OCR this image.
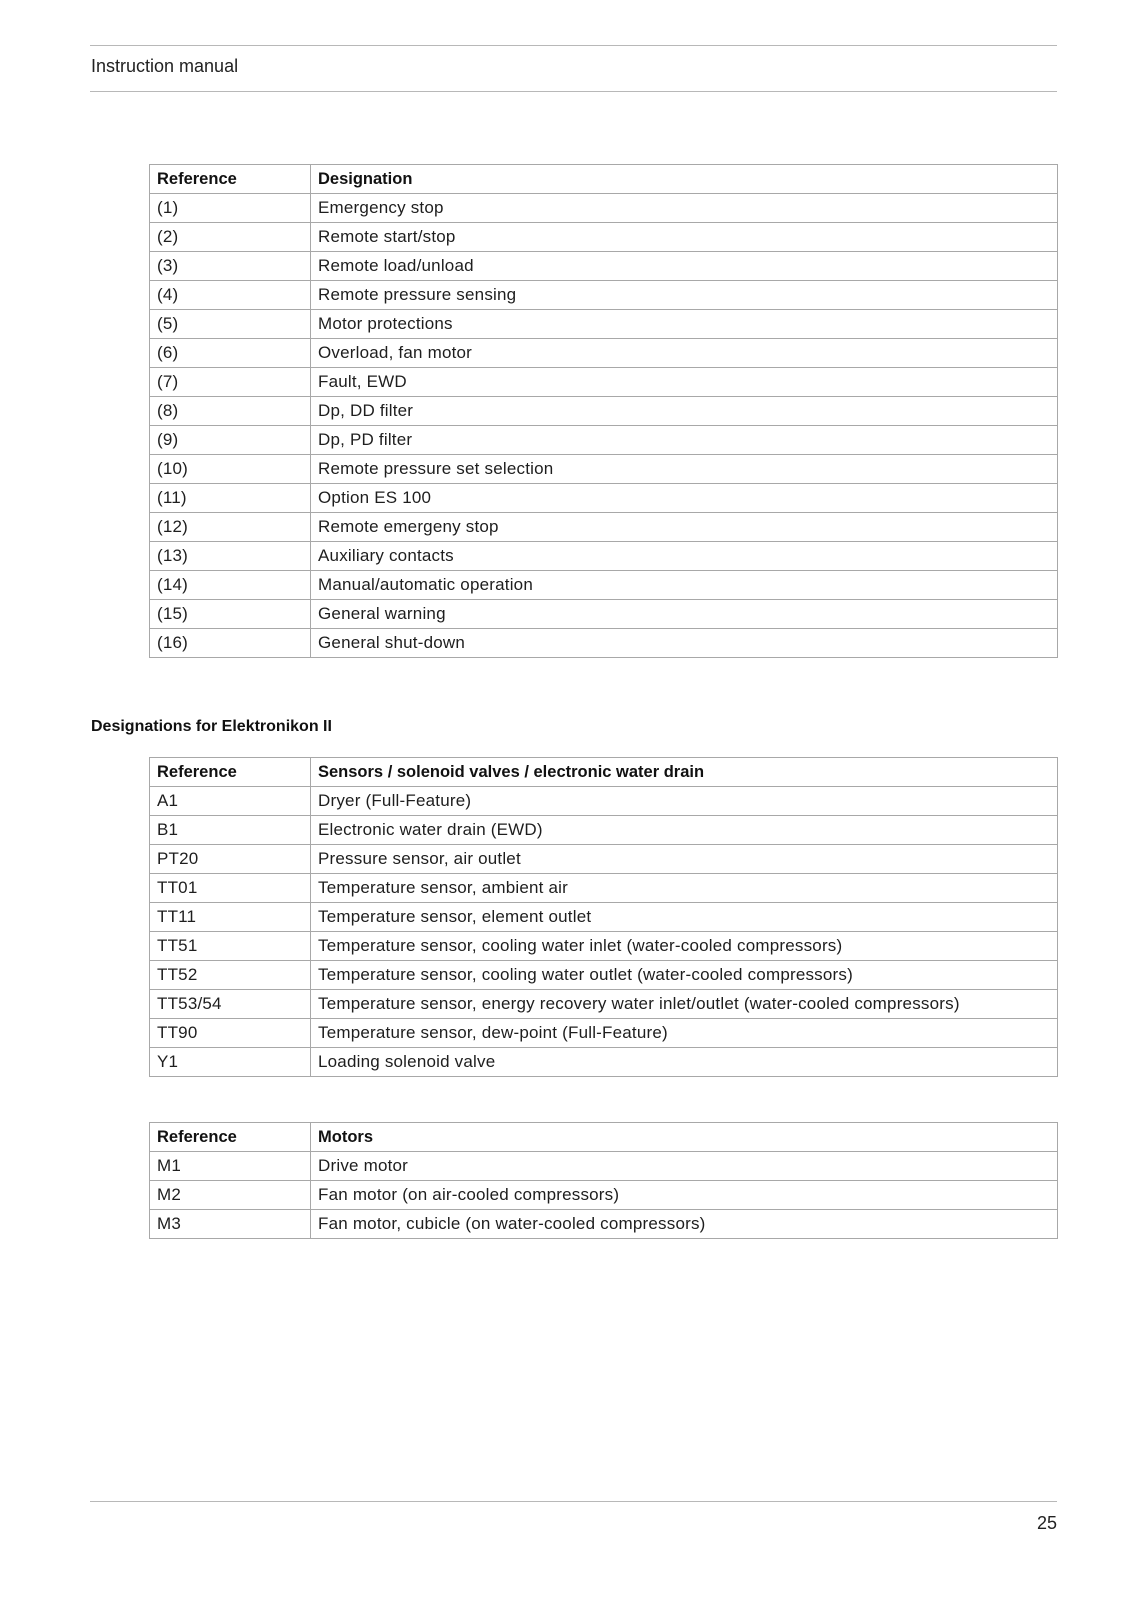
Instruction manual
Reference	Designation
(1)	Emergency stop
(2)	Remote start/stop
(3)	Remote load/unload
(4)	Remote pressure sensing
(5)	Motor protections
(6)	Overload, fan motor
(7)	Fault, EWD
(8)	Dp, DD filter
(9)	Dp, PD filter
(10)	Remote pressure set selection
(11)	Option ES 100
(12)	Remote emergeny stop
(13)	Auxiliary contacts
(14)	Manual/automatic operation
(15)	General warning
(16)	General shut-down
Designations for Elektronikon II
Reference	Sensors / solenoid valves / electronic water drain
A1	Dryer (Full-Feature)
B1	Electronic water drain (EWD)
PT20	Pressure sensor, air outlet
TT01	Temperature sensor, ambient air
TT11	Temperature sensor, element outlet
TT51	Temperature sensor, cooling water inlet (water-cooled compressors)
TT52	Temperature sensor, cooling water outlet (water-cooled compressors)
TT53/54	Temperature sensor, energy recovery water inlet/outlet (water-cooled compressors)
TT90	Temperature sensor, dew-point (Full-Feature)
Y1	Loading solenoid valve
Reference	Motors
M1	Drive motor
M2	Fan motor (on air-cooled compressors)
M3	Fan motor, cubicle (on water-cooled compressors)
25
